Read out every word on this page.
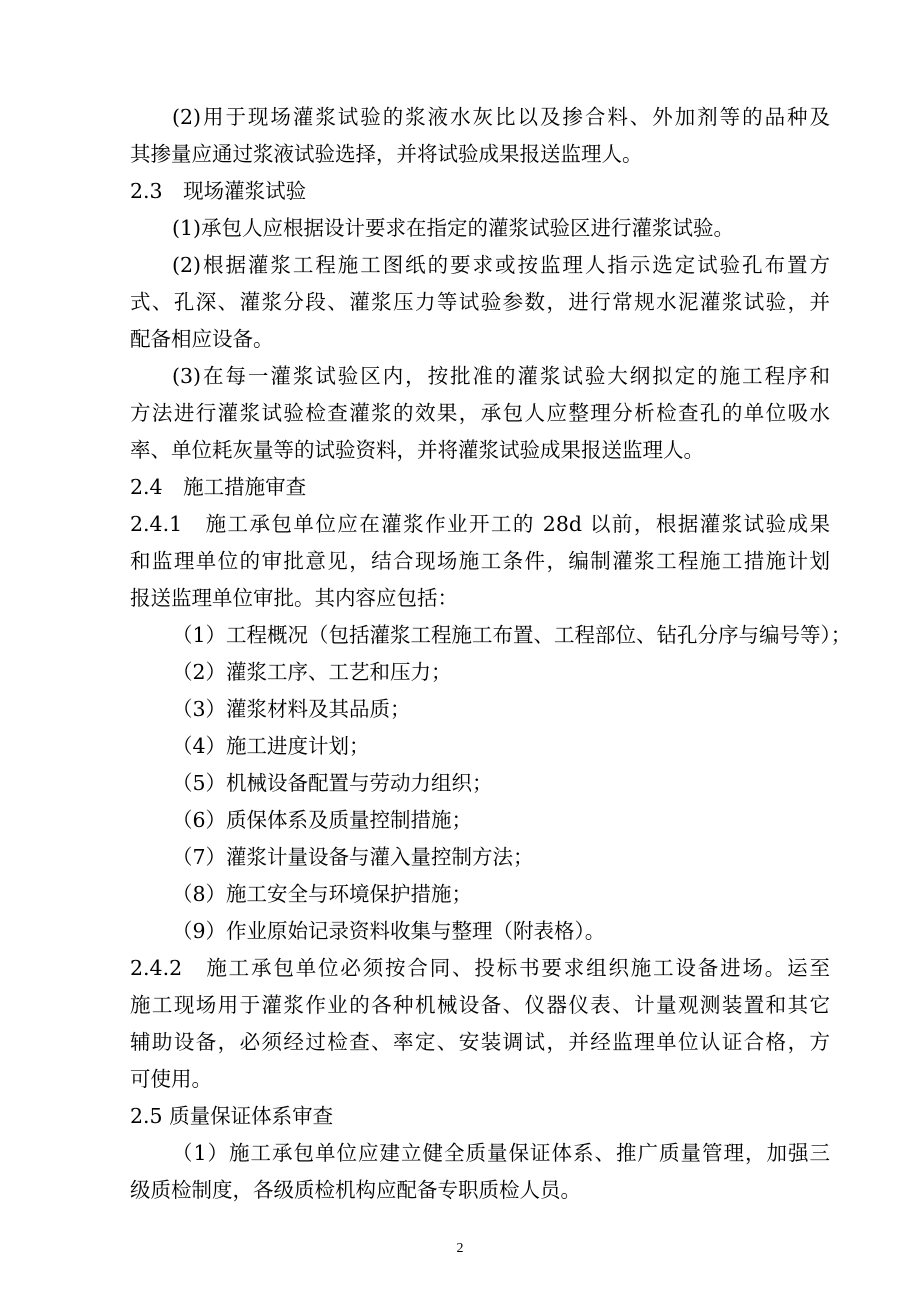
(2)用于现场灌浆试验的浆液水灰比以及掺合料、外加剂等的品种及
其掺量应通过浆液试验选择，并将试验成果报送监理人。
2.3　现场灌浆试验
(1)承包人应根据设计要求在指定的灌浆试验区进行灌浆试验。
(2)根据灌浆工程施工图纸的要求或按监理人指示选定试验孔布置方
式、孔深、灌浆分段、灌浆压力等试验参数，进行常规水泥灌浆试验，并
配备相应设备。
(3)在每一灌浆试验区内，按批准的灌浆试验大纲拟定的施工程序和
方法进行灌浆试验检查灌浆的效果，承包人应整理分析检查孔的单位吸水
率、单位耗灰量等的试验资料，并将灌浆试验成果报送监理人。
2.4　施工措施审查
2.4.1　施工承包单位应在灌浆作业开工的 28d 以前，根据灌浆试验成果
和监理单位的审批意见，结合现场施工条件，编制灌浆工程施工措施计划
报送监理单位审批。其内容应包括：
（1）工程概况（包括灌浆工程施工布置、工程部位、钻孔分序与编号等）；
（2）灌浆工序、工艺和压力；
（3）灌浆材料及其品质；
（4）施工进度计划；
（5）机械设备配置与劳动力组织；
（6）质保体系及质量控制措施；
（7）灌浆计量设备与灌入量控制方法；
（8）施工安全与环境保护措施；
（9）作业原始记录资料收集与整理（附表格）。
2.4.2　施工承包单位必须按合同、投标书要求组织施工设备进场。运至
施工现场用于灌浆作业的各种机械设备、仪器仪表、计量观测装置和其它
辅助设备，必须经过检查、率定、安装调试，并经监理单位认证合格，方
可使用。
2.5 质量保证体系审查
（1）施工承包单位应建立健全质量保证体系、推广质量管理，加强三
级质检制度，各级质检机构应配备专职质检人员。
2
